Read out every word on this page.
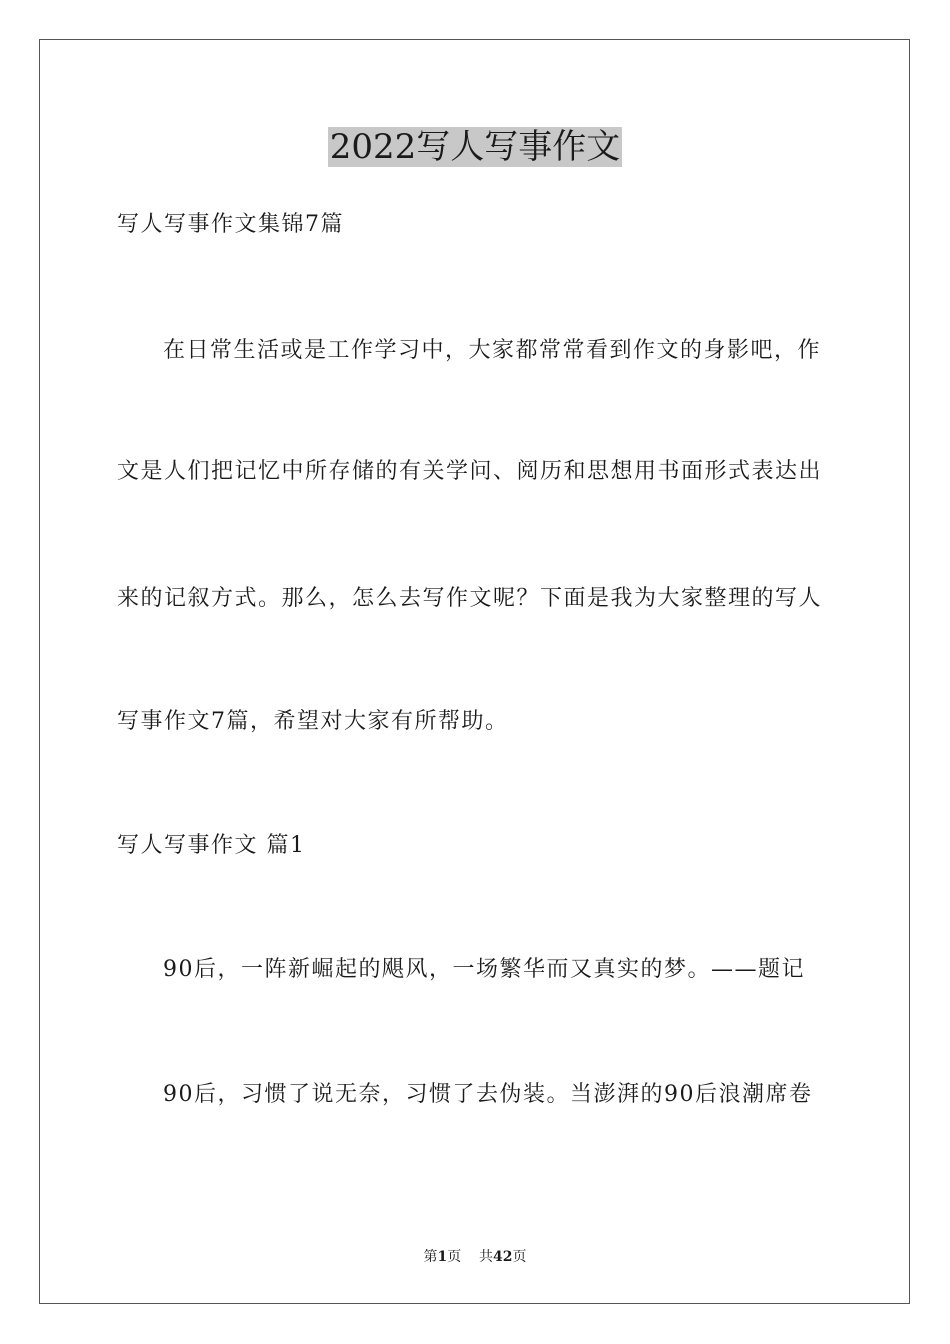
2022写人写事作文
写人写事作文集锦7篇
在日常生活或是工作学习中，大家都常常看到作文的身影吧，作
文是人们把记忆中所存储的有关学问、阅历和思想用书面形式表达出
来的记叙方式。那么，怎么去写作文呢？下面是我为大家整理的写人
写事作文7篇，希望对大家有所帮助。
写人写事作文 篇1
90后，一阵新崛起的飓风，一场繁华而又真实的梦。——题记
90后，习惯了说无奈，习惯了去伪装。当澎湃的90后浪潮席卷
第1页 共42页
